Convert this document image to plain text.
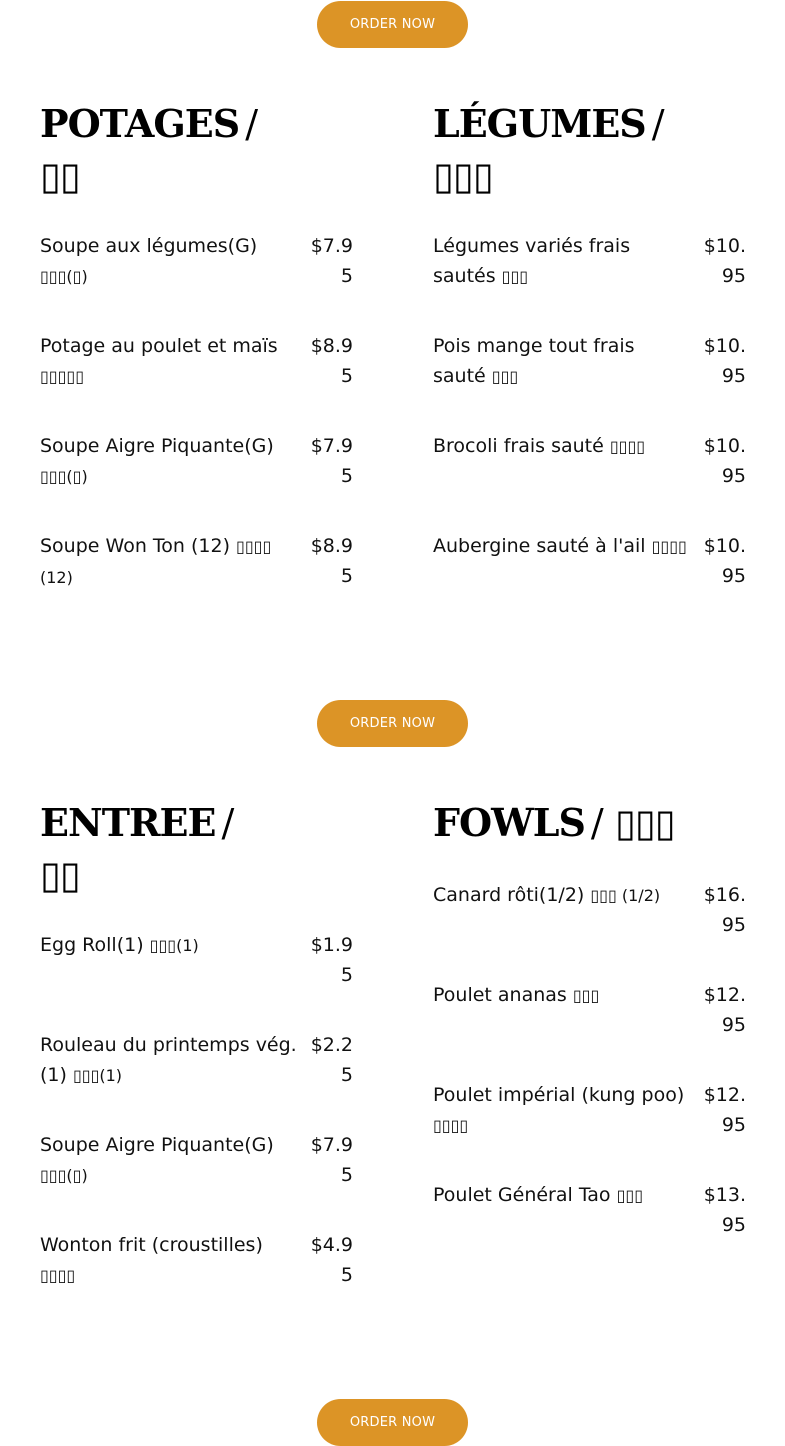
ORDER NOW
ORDER NOW
ORDER NOW
POTAGES /
▯▯
Soupe aux légumes(G)
▯▯▯(▯)
$7.95
Potage au poulet et maïs
▯▯▯▯▯
$8.95
Soupe Aigre Piquante(G)
▯▯▯(▯)
$7.95
Soupe Won Ton (12) ▯▯▯▯ (12)
$8.95
LÉGUMES /
▯▯▯
Légumes variés frais sautés ▯▯▯
$10.95
Pois mange tout frais sauté ▯▯▯
$10.95
Brocoli frais sauté ▯▯▯▯	$10.95
Aubergine sauté à l'ail ▯▯▯▯ $10.95
ENTREE /
▯▯
Egg Roll(1) ▯▯▯(1)	$1.95
Rouleau du printemps vég.(1) ▯▯▯(1)
$2.25
Soupe Aigre Piquante(G)
▯▯▯(▯)
$7.95
Wonton frit (croustilles) ▯▯▯▯
$4.95
FOWLS / ▯▯▯
Canard rôti(1/2) ▯▯▯ (1/2)	$16.95
Poulet ananas ▯▯▯	$12.95
Poulet impérial (kung poo) ▯▯▯▯
$12.95
Poulet Général Tao ▯▯▯	$13.95
